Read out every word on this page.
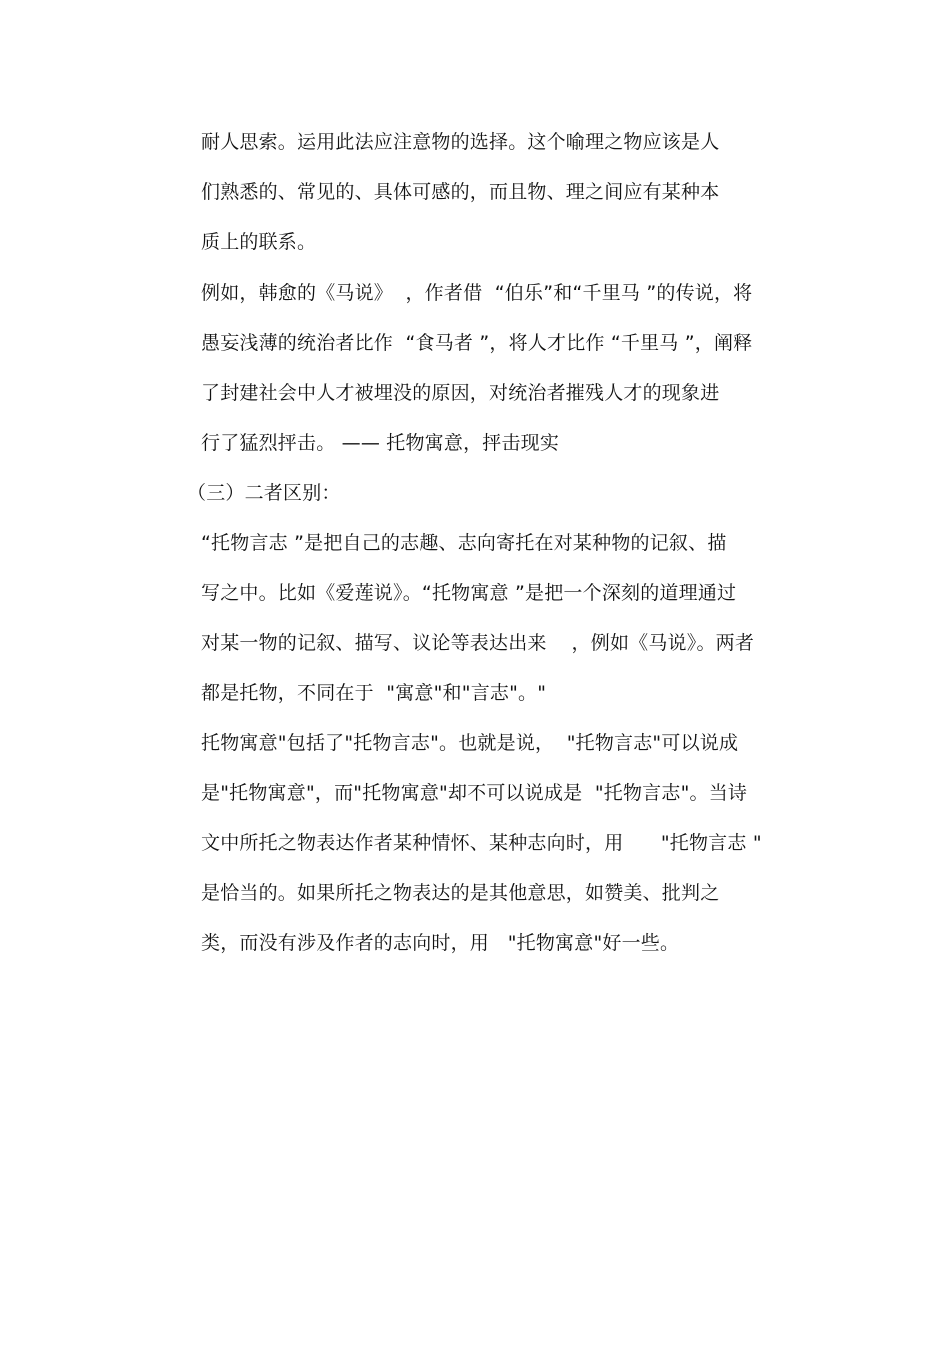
耐人思索。运用此法应注意物的选择。这个喻理之物应该是人
们熟悉的、常见的、具体可感的，而且物、理之间应有某种本
质上的联系。
例如，韩愈的《马说》  ，作者借  “伯乐”和“千里马 ”的传说，将
愚妄浅薄的统治者比作  “食马者 ”，将人才比作 “千里马 ”，阐释
了封建社会中人才被埋没的原因，对统治者摧残人才的现象进
行了猛烈抨击。 —— 托物寓意，抨击现实
（三）二者区别：
“托物言志 ”是把自己的志趣、志向寄托在对某种物的记叙、描
写之中。比如《爱莲说》。“托物寓意 ”是把一个深刻的道理通过
对某一物的记叙、描写、议论等表达出来    ，例如《马说》。两者
都是托物，不同在于  "寓意"和"言志"。"
托物寓意"包括了"托物言志"。也就是说，  "托物言志"可以说成
是"托物寓意"，而"托物寓意"却不可以说成是  "托物言志"。当诗
文中所托之物表达作者某种情怀、某种志向时，用      "托物言志 "
是恰当的。如果所托之物表达的是其他意思，如赞美、批判之
类，而没有涉及作者的志向时，用   "托物寓意"好一些。
